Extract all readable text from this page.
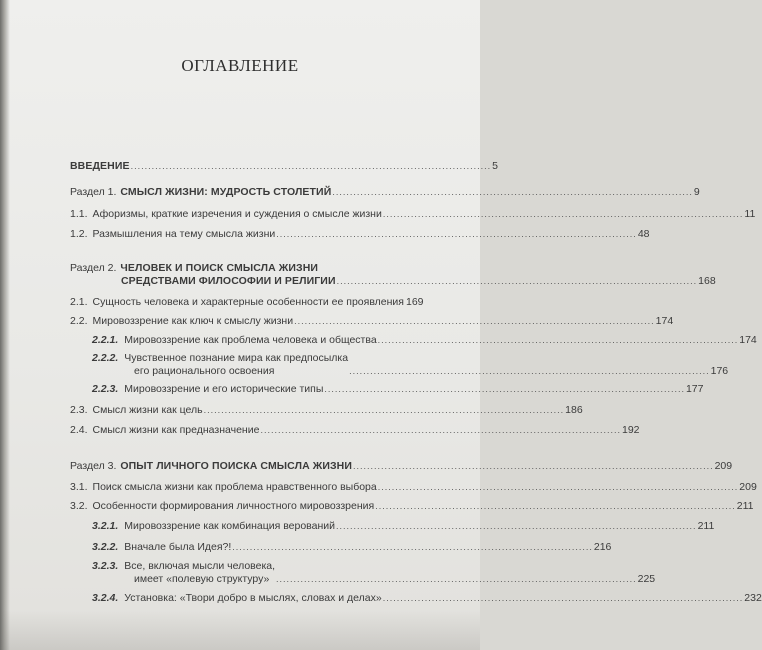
ОГЛАВЛЕНИЕ
ВВЕДЕНИЕ ....................................................................................................... 5
Раздел 1. СМЫСЛ ЖИЗНИ: МУДРОСТЬ СТОЛЕТИЙ ....................................................................................................... 9
1.1. Афоризмы, краткие изречения и суждения о смысле жизни ....................................................................................................... 11
1.2. Размышления на тему смысла жизни ....................................................................................................... 48
Раздел 2. ЧЕЛОВЕК И ПОИСК СМЫСЛА ЖИЗНИ
СРЕДСТВАМИ ФИЛОСОФИИ И РЕЛИГИИ ....................................................................................................... 168
2.1. Сущность человека и характерные особенности ее проявления 169
2.2. Мировоззрение как ключ к смыслу жизни ....................................................................................................... 174
2.2.1. Мировоззрение как проблема человека и общества ....................................................................................................... 174
2.2.2. Чувственное познание мира как предпосылка
его рационального освоения	....................................................................................................... 176
2.2.3. Мировоззрение и его исторические типы ....................................................................................................... 177
2.3. Смысл жизни как цель ....................................................................................................... 186
2.4. Смысл жизни как предназначение ....................................................................................................... 192
Раздел 3. ОПЫТ ЛИЧНОГО ПОИСКА СМЫСЛА ЖИЗНИ ....................................................................................................... 209
3.1. Поиск смысла жизни как проблема нравственного выбора ....................................................................................................... 209
3.2. Особенности формирования личностного мировоззрения ....................................................................................................... 211
3.2.1. Мировоззрение как комбинация верований ....................................................................................................... 211
3.2.2. Вначале была Идея?! ....................................................................................................... 216
3.2.3. Все, включая мысли человека,
имеет «полевую структуру» ....................................................................................................... 225
3.2.4. Установка: «Твори добро в мыслях, словах и делах» ....................................................................................................... 232
